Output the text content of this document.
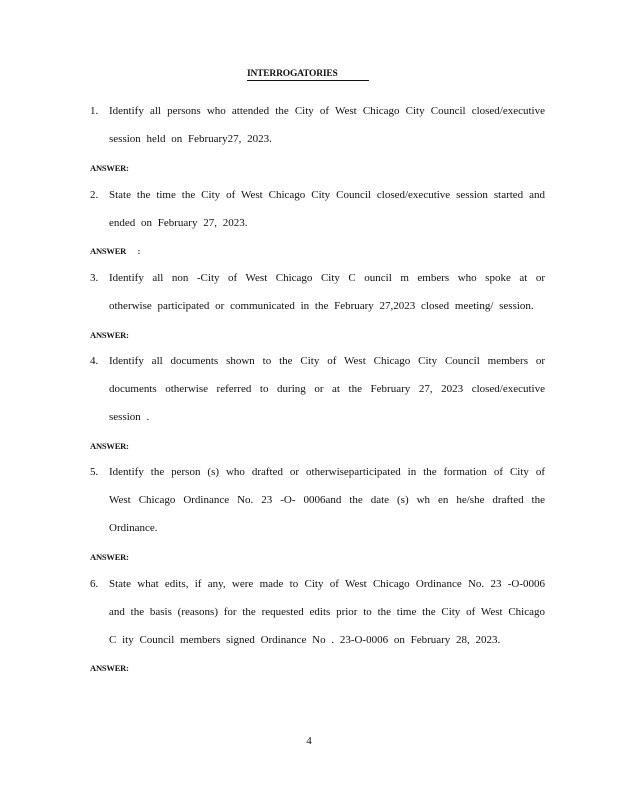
INTERROGATORIES
1. Identify all persons who attended the City of West Chicago City Council closed/executive session held on February27, 2023.
ANSWER:
2. State the time the City of West Chicago City Council closed/executive session started and ended on February 27, 2023.
ANSWER      :
3. Identify all non -City of West Chicago City C ouncil m embers who spoke at or otherwise participated or communicated in the February 27,2023 closed meeting/ session.
ANSWER:
4. Identify all documents shown to the City of West Chicago City Council members or documents otherwise referred to during or at the February 27, 2023 closed/executive session .
ANSWER:
5. Identify the person (s) who drafted or otherwiseparticipated in the formation of City of West Chicago Ordinance No. 23 -O- 0006and the date (s) wh en he/she drafted the Ordinance.
ANSWER:
6. State what edits, if any, were made to City of West Chicago Ordinance No. 23 -O-0006 and the basis (reasons) for the requested edits prior to the time the City of West Chicago C ity Council members signed Ordinance No . 23-O-0006 on February 28, 2023.
ANSWER:
4
